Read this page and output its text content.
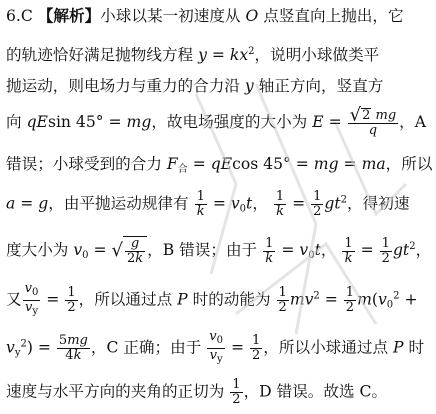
6.C 【解析】小球以某一初速度从 O 点竖直向上抛出，它
的轨迹恰好满足抛物线方程 $y = kx^2$，说明小球做类平
抛运动，则电场力与重力的合力沿 y 轴正方向，竖直方
向 qEsin 45° = mg，故电场强度的大小为 $E = \frac{√2 mg}{q}$ ，A
错误；小球受到的合力 $F_合 = qEcos$ 45° = mg = ma，所以
a = g，由平抛运动规律有 $\frac{1}{k} = v_0t$， $\frac{1}{k} = \frac{1}{2} gt^2$，得初速
度大小为 $v_0$ = √ $\frac{g}{2k}$ ，B 错误；由于 $\frac{1}{k} = v_0t$， $\frac{1}{k} = \frac{1}{2} gt^2$，
又 $\frac{v_0}{v_y} = \frac{1}{2}$ ，所以通过点 P 时的动能为 $\frac{1}{2} mv^2 = \frac{1}{2} m(v_0^2$ +
$v_y^2) = \frac{5mg}{4k}$ ，C 正确；由于 $\frac{v_0}{v_y} = \frac{1}{2}$ ，所以小球通过点 P 时
速度与水平方向的夹角的正切为 $\frac{1}{2}$ ，D 错误。故选 C。
